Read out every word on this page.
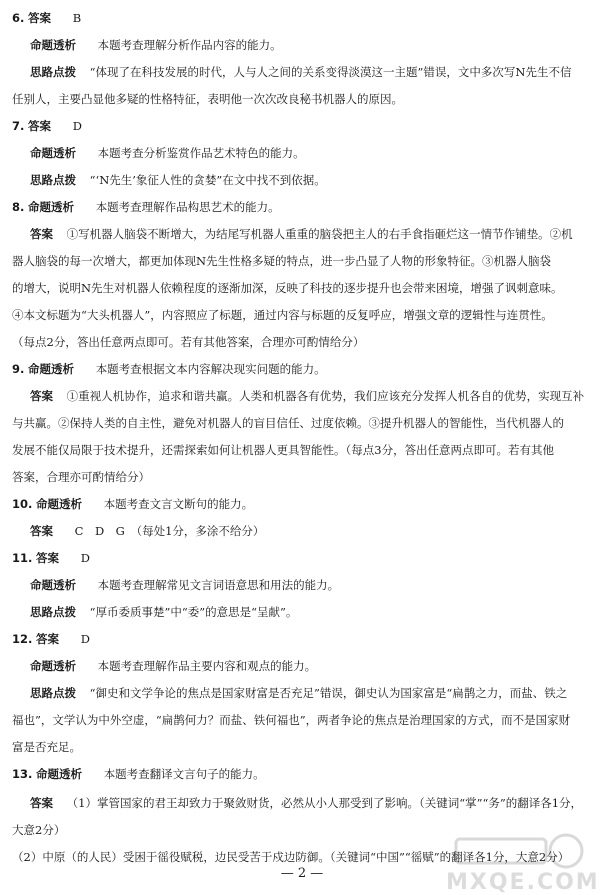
6. 答案 B
命题透析 本题考查理解分析作品内容的能力。
思路点拨 “体现了在科技发展的时代，人与人之间的关系变得淡漠这一主题”错误，文中多次写N先生不信
任别人，主要凸显他多疑的性格特征，表明他一次次改良秘书机器人的原因。
7. 答案 D
命题透析 本题考查分析鉴赏作品艺术特色的能力。
思路点拨 “‘N先生’象征人性的贪婪”在文中找不到依据。
8. 命题透析 本题考查理解作品构思艺术的能力。
答案 ①写机器人脑袋不断增大，为结尾写机器人重重的脑袋把主人的右手食指砸烂这一情节作铺垫。②机
器人脑袋的每一次增大，都更加体现N先生性格多疑的特点，进一步凸显了人物的形象特征。③机器人脑袋
的增大，说明N先生对机器人依赖程度的逐渐加深，反映了科技的逐步提升也会带来困境，增强了讽刺意味。
④本文标题为“大头机器人”，内容照应了标题，通过内容与标题的反复呼应，增强文章的逻辑性与连贯性。
（每点2分，答出任意两点即可。若有其他答案，合理亦可酌情给分）
9. 命题透析 本题考查根据文本内容解决现实问题的能力。
答案 ①重视人机协作，追求和谐共赢。人类和机器各有优势，我们应该充分发挥人机各自的优势，实现互补
与共赢。②保持人类的自主性，避免对机器人的盲目信任、过度依赖。③提升机器人的智能性，当代机器人的
发展不能仅局限于技术提升，还需探索如何让机器人更具智能性。（每点3分，答出任意两点即可。若有其他
答案，合理亦可酌情给分）
10. 命题透析 本题考查文言文断句的能力。
答案 C　D　G　（每处1分，多涂不给分）
11. 答案 D
命题透析 本题考查理解常见文言词语意思和用法的能力。
思路点拨 “厚币委质事楚”中“委”的意思是“呈献”。
12. 答案 D
命题透析 本题考查理解作品主要内容和观点的能力。
思路点拨 “御史和文学争论的焦点是国家财富是否充足”错误，御史认为国家富是“扁鹊之力，而盐、铁之
福也”，文学认为中外空虚，“扁鹊何力？而盐、铁何福也”，两者争论的焦点是治理国家的方式，而不是国家财
富是否充足。
13. 命题透析 本题考查翻译文言句子的能力。
答案 （1）掌管国家的君王却致力于聚敛财货，必然从小人那受到了影响。（关键词“掌”“务”的翻译各1分，
大意2分）
（2）中原（的人民）受困于徭役赋税，边民受苦于戍边防御。（关键词“中国”“徭赋”的翻译各1分，大意2分）
— 2 —	MXQE.COM
